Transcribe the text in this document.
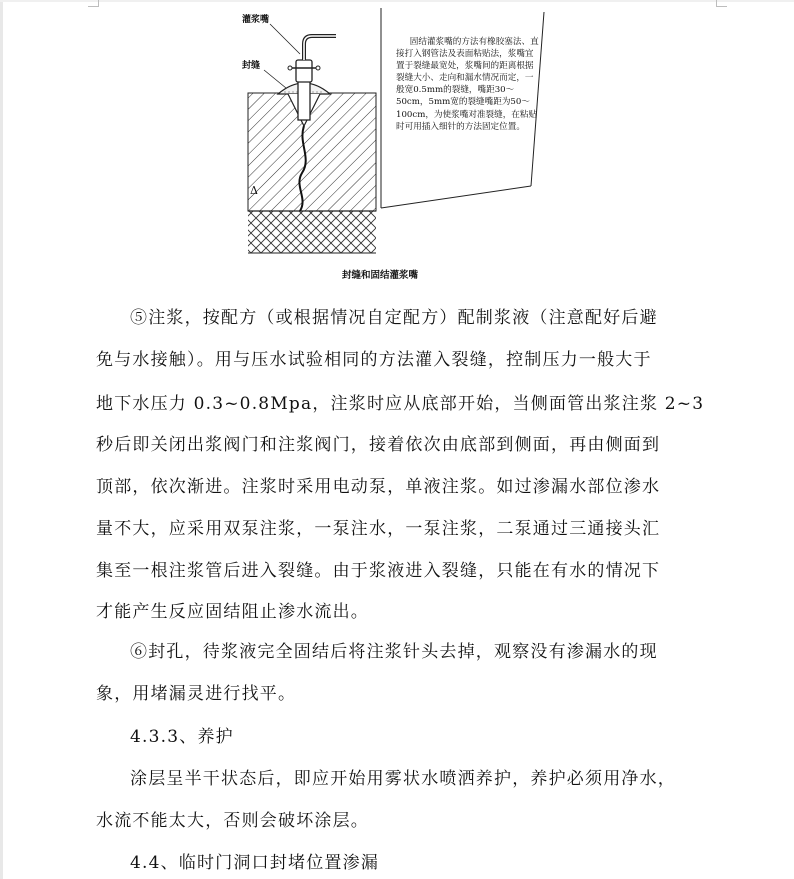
灌浆嘴
封缝
Δ
固结灌浆嘴的方法有橡胶塞法、直接打入钢管法及表面粘贴法，浆嘴宜置于裂缝最宽处，浆嘴间的距离根据裂缝大小、走向和漏水情况而定，一般宽0.5mm的裂缝，嘴距30～50cm，5mm宽的裂缝嘴距为50～100cm，为使浆嘴对准裂缝，在粘贴时可用插入细针的方法固定位置。
封缝和固结灌浆嘴
⑤注浆，按配方（或根据情况自定配方）配制浆液（注意配好后避
免与水接触）。用与压水试验相同的方法灌入裂缝，控制压力一般大于
地下水压力 0.3~0.8Mpa，注浆时应从底部开始，当侧面管出浆注浆 2~3
秒后即关闭出浆阀门和注浆阀门，接着依次由底部到侧面，再由侧面到
顶部，依次渐进。注浆时采用电动泵，单液注浆。如过渗漏水部位渗水
量不大，应采用双泵注浆，一泵注水，一泵注浆，二泵通过三通接头汇
集至一根注浆管后进入裂缝。由于浆液进入裂缝，只能在有水的情况下
才能产生反应固结阻止渗水流出。
⑥封孔，待浆液完全固结后将注浆针头去掉，观察没有渗漏水的现
象，用堵漏灵进行找平。
4.3.3、养护
涂层呈半干状态后，即应开始用雾状水喷洒养护，养护必须用净水，
水流不能太大，否则会破坏涂层。
4.4、临时门洞口封堵位置渗漏
